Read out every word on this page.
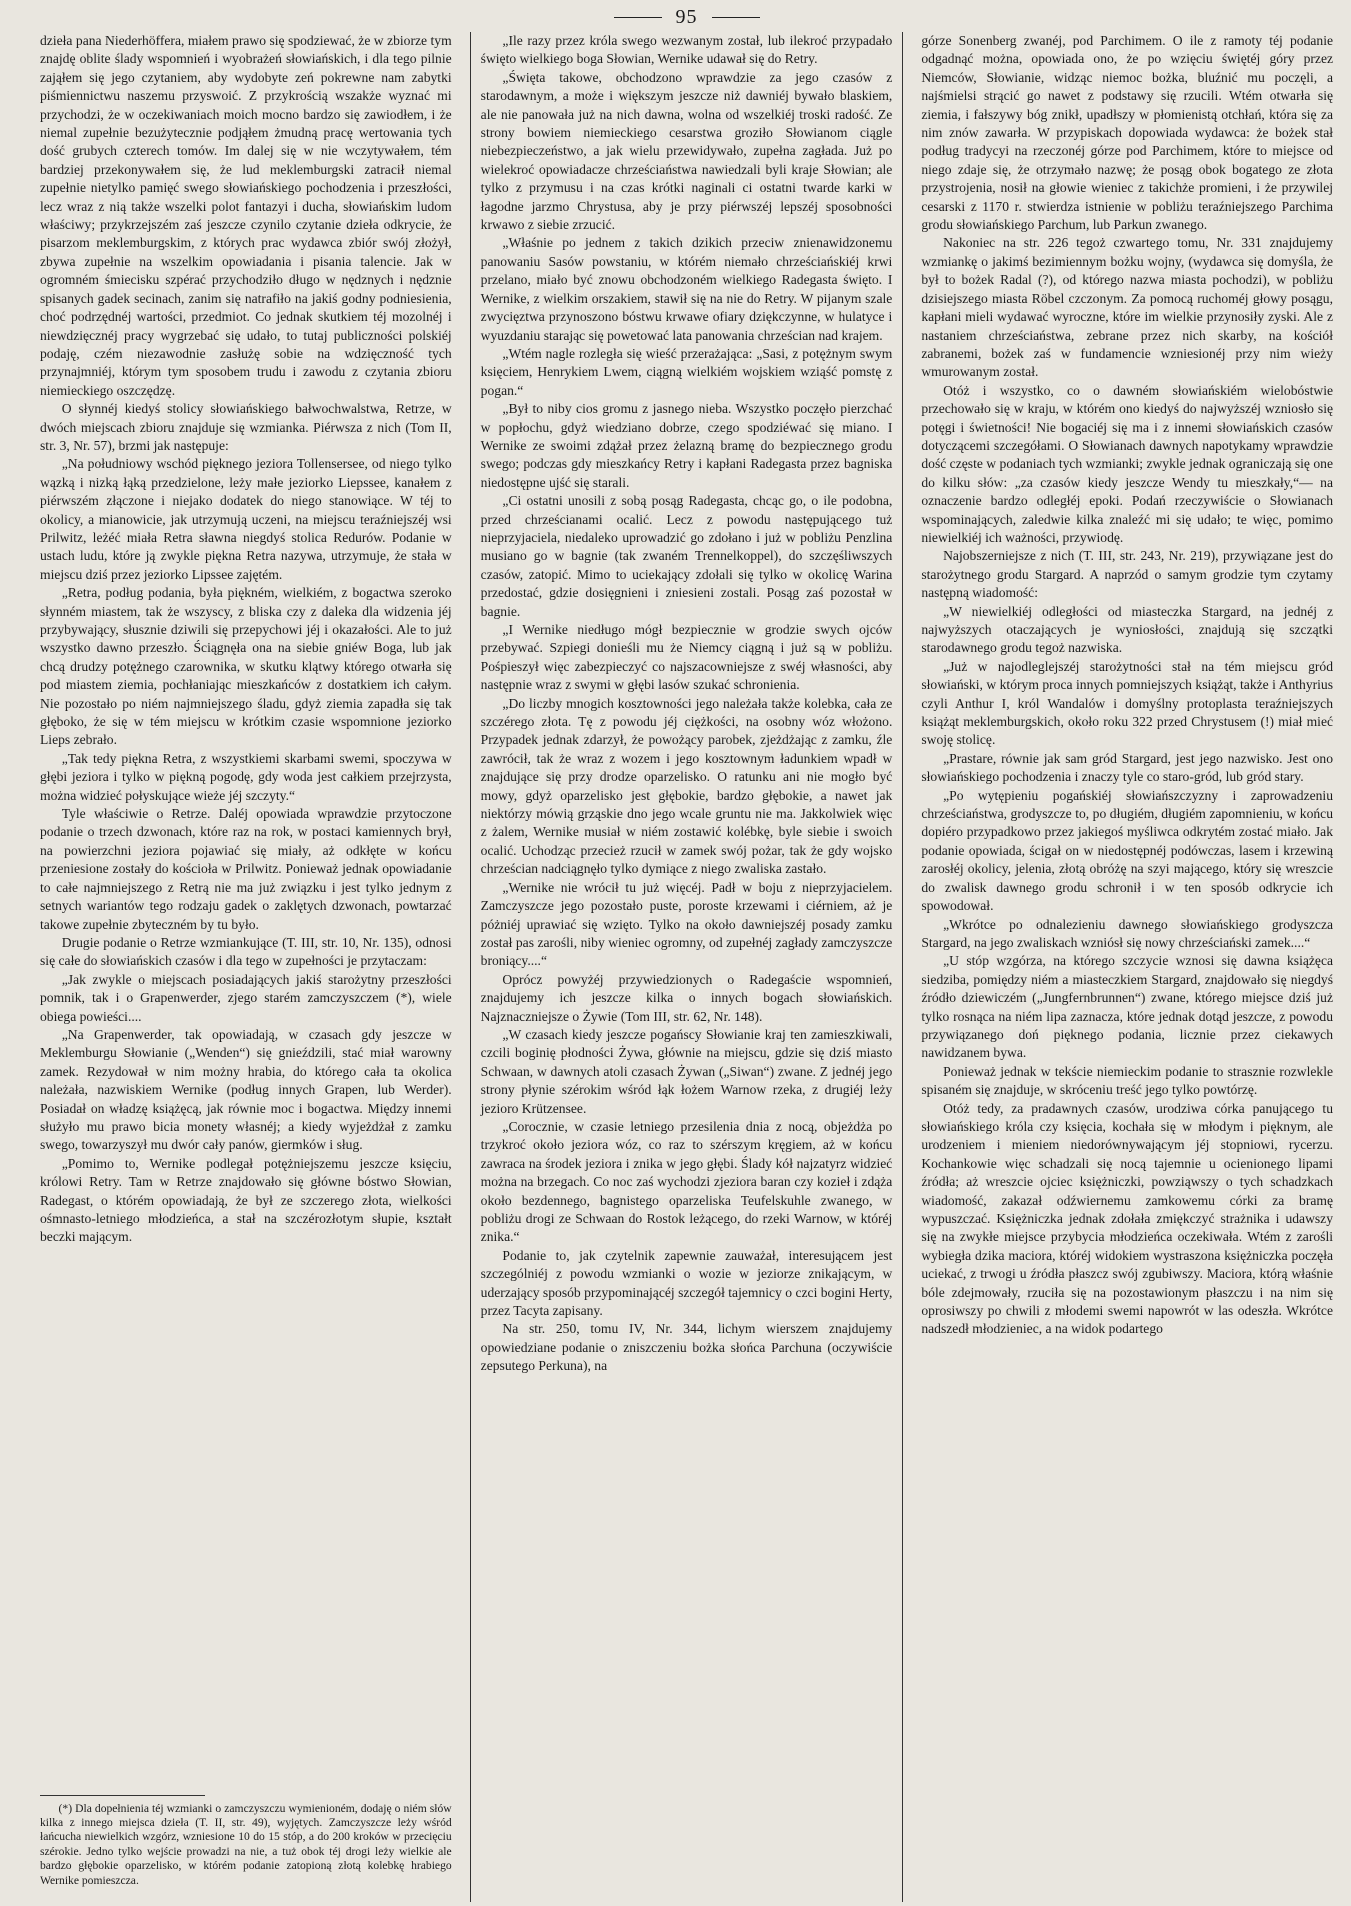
95

dzieła pana Niederhöffera, miałem prawo się spodziewać, że w zbiorze tym znajdę oblite ślady wspomnień i wyobrażeń słowiańskich, i dla tego pilnie zająłem się jego czytaniem, aby wydobyte zeń pokrewne nam zabytki piśmiennictwu naszemu przyswoić. Z przykrością wszakże wyznać mi przychodzi, że w oczekiwaniach moich mocno bardzo się zawiodłem, i że niemal zupełnie bezużytecznie podjąłem żmudną pracę wertowania tych dość grubych czterech tomów. Im dalej się w nie wczytywałem, tém bardziej przekonywałem się, że lud meklemburgski zatracił niemal zupełnie nietylko pamięć swego słowiańskiego pochodzenia i przeszłości, lecz wraz z nią także wszelki polot fantazyi i ducha, słowiańskim ludom właściwy; przykrzejszém zaś jeszcze czynilo czytanie dzieła odkrycie, że pisarzom meklemburgskim, z których prac wydawca zbiór swój złożył, zbywa zupełnie na wszelkim opowiadania i pisania talencie. Jak w ogromném śmiecisku szpérać przychodziło długo w nędznych i nędznie spisanych gadek secinach, zanim się natrafiło na jakiś godny podniesienia, choć podrzędnéj wartości, przedmiot. Co jednak skutkiem téj mozolnéj i niewdzięcznéj pracy wygrzebać się udało, to tutaj publiczności polskiéj podaję, czém niezawodnie zasłużę sobie na wdzięczność tych przynajmniéj, którym tym sposobem trudu i zawodu z czytania zbioru niemieckiego oszczędzę.

O słynnéj kiedyś stolicy słowiańskiego bałwochwalstwa, Retrze, w dwóch miejscach zbioru znajduje się wzmianka. Piérwsza z nich (Tom II, str. 3, Nr. 57), brzmi jak następuje:

„Na południowy wschód pięknego jeziora Tollensersee, od niego tylko wązką i nizką łąką przedzielone, leży małe jeziorko Liepssee, kanałem z piérwszém złączone i niejako dodatek do niego stanowiące. W téj to okolicy, a mianowicie, jak utrzymują uczeni, na miejscu teraźniejszéj wsi Prilwitz, leżéć miała Retra sławna niegdyś stolica Redurów. Podanie w ustach ludu, które ją zwykle piękna Retra nazywa, utrzymuje, że stała w miejscu dziś przez jeziorko Lipssee zajętém.

„Retra, podług podania, była piękném, wielkiém, z bogactwa szeroko słynném miastem, tak że wszyscy, z bliska czy z daleka dla widzenia jéj przybywający, słusznie dziwili się przepychowi jéj i okazałości. Ale to już wszystko dawno przeszło. Ściągnęła ona na siebie gniéw Boga, lub jak chcą drudzy potężnego czarownika, w skutku klątwy którego otwarła się pod miastem ziemia, pochłaniając mieszkańców z dostatkiem ich całym. Nie pozostało po niém najmniejszego śladu, gdyż ziemia zapadła się tak głęboko, że się w tém miejscu w krótkim czasie wspomnione jeziorko Lieps zebrało.

„Tak tedy piękna Retra, z wszystkiemi skarbami swemi, spoczywa w głębi jeziora i tylko w piękną pogodę, gdy woda jest całkiem przejrzysta, można widzieć połyskujące wieże jéj szczyty.“

Tyle właściwie o Retrze. Daléj opowiada wprawdzie przytoczone podanie o trzech dzwonach, które raz na rok, w postaci kamiennych brył, na powierzchni jeziora pojawiać się miały, aż odkłęte w końcu przeniesione zostały do kościoła w Prilwitz. Ponieważ jednak opowiadanie to całe najmniejszego z Retrą nie ma już związku i jest tylko jednym z setnych wariantów tego rodzaju gadek o zaklętych dzwonach, powtarzać takowe zupełnie zbyteczném by tu było.

Drugie podanie o Retrze wzmiankujące (T. III, str. 10, Nr. 135), odnosi się całe do słowiańskich czasów i dla tego w zupełności je przytaczam:

„Jak zwykle o miejscach posiadających jakiś starożytny przeszłości pomnik, tak i o Grapenwerder, zjego starém zamczyszczem (*), wiele obiega powieści....

„Na Grapenwerder, tak opowiadają, w czasach gdy jeszcze w Meklemburgu Słowianie („Wenden“) się gnieździli, stać miał warowny zamek. Rezydował w nim możny hrabia, do którego cała ta okolica należała, nazwiskiem Wernike (podług innych Grapen, lub Werder). Posiadał on władzę książęcą, jak równie moc i bogactwa. Między innemi służyło mu prawo bicia monety własnéj; a kiedy wyjeżdżał z zamku swego, towarzyszył mu dwór cały panów, giermków i sług.

„Pomimo to, Wernike podlegał potężniejszemu jeszcze księciu, królowi Retry. Tam w Retrze znajdowało się główne bóstwo Słowian, Radegast, o którém opowiadają, że był ze szczerego złota, wielkości ośmnasto-letniego młodzieńca, a stał na szczérozłotym słupie, kształt beczki mającym.

(*) Dla dopełnienia téj wzmianki o zamczyszczu wymienioném, dodaję o niém słów kilka z innego miejsca dzieła (T. II, str. 49), wyjętych. Zamczyszcze leży wśród łańcucha niewielkich wzgórz, wzniesione 10 do 15 stóp, a do 200 kroków w przecięciu szérokie. Jedno tylko wejście prowadzi na nie, a tuż obok téj drogi leży wielkie ale bardzo głębokie oparzelisko, w którém podanie zatopioną złotą kolebkę hrabiego Wernike pomieszcza.

„Ile razy przez króla swego wezwanym został, lub ilekroć przypadało święto wielkiego boga Słowian, Wernike udawał się do Retry.

„Święta takowe, obchodzono wprawdzie za jego czasów z starodawnym, a może i większym jeszcze niż dawniéj bywało blaskiem, ale nie panowała już na nich dawna, wolna od wszelkiéj troski radość. Ze strony bowiem niemieckiego cesarstwa groziło Słowianom ciągle niebezpieczeństwo, a jak wielu przewidywało, zupełna zagłada. Już po wielekroć opowiadacze chrześciaństwa nawiedzali byli kraje Słowian; ale tylko z przymusu i na czas krótki naginali ci ostatni twarde karki w łagodne jarzmo Chrystusa, aby je przy piérwszéj lepszéj sposobności krwawo z siebie zrzucić.

„Właśnie po jednem z takich dzikich przeciw znienawidzonemu panowaniu Sasów powstaniu, w którém niemało chrześciańskiéj krwi przelano, miało być znowu obchodzoném wielkiego Radegasta święto. I Wernike, z wielkim orszakiem, stawił się na nie do Retry. W pijanym szale zwycięztwa przynoszono bóstwu krwawe ofiary dziękczynne, w hulatyce i wyuzdaniu starając się powetować lata panowania chrześcian nad krajem.

„Wtém nagle rozległa się wieść przerażająca: „Sasi, z potężnym swym księciem, Henrykiem Lwem, ciągną wielkiém wojskiem wziąść pomstę z pogan.“

„Był to niby cios gromu z jasnego nieba. Wszystko poczęło pierzchać w popłochu, gdyż wiedziano dobrze, czego spodziéwać się miano. I Wernike ze swoimi zdążał przez żelazną bramę do bezpiecznego grodu swego; podczas gdy mieszkańcy Retry i kapłani Radegasta przez bagniska niedostępne ujść się starali.

„Ci ostatni unosili z sobą posąg Radegasta, chcąc go, o ile podobna, przed chrześcianami ocalić. Lecz z powodu następującego tuż nieprzyjaciela, niedaleko uprowadzić go zdołano i już w pobliżu Penzlina musiano go w bagnie (tak zwaném Trennelkoppel), do szczęśliwszych czasów, zatopić. Mimo to uciekający zdołali się tylko w okolicę Warina przedostać, gdzie dosięgnieni i zniesieni zostali. Posąg zaś pozostał w bagnie.

„I Wernike niedługo mógł bezpiecznie w grodzie swych ojców przebywać. Szpiegi donieśli mu że Niemcy ciągną i już są w pobliżu. Pośpieszył więc zabezpieczyć co najszacowniejsze z swéj własności, aby następnie wraz z swymi w głębi lasów szukać schronienia.

„Do liczby mnogich kosztowności jego należała także kolebka, cała ze szczérego złota. Tę z powodu jéj ciężkości, na osobny wóz włożono. Przypadek jednak zdarzył, że powożący parobek, zjeżdżając z zamku, źle zawrócił, tak że wraz z wozem i jego kosztownym ładunkiem wpadł w znajdujące się przy drodze oparzelisko. O ratunku ani nie mogło być mowy, gdyż oparzelisko jest głębokie, bardzo głębokie, a nawet jak niektórzy mówią grząskie dno jego wcale gruntu nie ma. Jakkolwiek więc z żalem, Wernike musiał w niém zostawić kolébkę, byle siebie i swoich ocalić. Uchodząc przecież rzucił w zamek swój pożar, tak że gdy wojsko chrześcian nadciągnęło tylko dymiące z niego zwaliska zastało.

„Wernike nie wrócił tu już więcéj. Padł w boju z nieprzyjacielem. Zamczyszcze jego pozostało puste, poroste krzewami i ciérniem, aż je póżniéj uprawiać się wzięto. Tylko na około dawniejszéj posady zamku został pas zarośli, niby wieniec ogromny, od zupełnéj zagłady zamczyszcze broniący....“

Oprócz powyżéj przywiedzionych o Radegaście wspomnień, znajdujemy ich jeszcze kilka o innych bogach słowiańskich. Najznaczniejsze o Żywie (Tom III, str. 62, Nr. 148).

„W czasach kiedy jeszcze pogańscy Słowianie kraj ten zamieszkiwali, czcili boginię płodności Żywa, głównie na miejscu, gdzie się dziś miasto Schwaan, w dawnych atoli czasach Żywan („Siwan“) zwane. Z jednéj jego strony płynie szérokim wśród łąk łożem Warnow rzeka, z drugiéj leży jezioro Krützensee.

„Corocznie, w czasie letniego przesilenia dnia z nocą, objeżdża po trzykroć około jeziora wóz, co raz to szérszym kręgiem, aż w końcu zawraca na środek jeziora i znika w jego głębi. Ślady kół najzatyrz widzieć można na brzegach. Co noc zaś wychodzi zjeziora baran czy kozieł i zdąża około bezdennego, bagnistego oparzeliska Teufelskuhle zwanego, w pobliżu drogi ze Schwaan do Rostok leżącego, do rzeki Warnow, w któréj znika.“

Podanie to, jak czytelnik zapewnie zauważał, interesującem jest szczególniéj z powodu wzmianki o wozie w jeziorze znikającym, w uderzający sposób przypominającéj szczegół tajemnicy o czci bogini Herty, przez Tacyta zapisany.

Na str. 250, tomu IV, Nr. 344, lichym wierszem znajdujemy opowiedziane podanie o zniszczeniu bożka słońca Parchuna (oczywiście zepsutego Perkuna), na

górze Sonenberg zwanéj, pod Parchimem. O ile z ramoty téj podanie odgadnąć można, opowiada ono, że po wzięciu świętéj góry przez Niemców, Słowianie, widząc niemoc bożka, bluźnić mu poczęli, a najśmielsi strącić go nawet z podstawy się rzucili. Wtém otwarła się ziemia, i fałszywy bóg znikł, upadłszy w płomienistą otchłań, która się za nim znów zawarła. W przypiskach dopowiada wydawca: że bożek stał podług tradycyi na rzeczonéj górze pod Parchimem, które to miejsce od niego zdaje się, że otrzymało nazwę; że posąg obok bogatego ze złota przystrojenia, nosił na głowie wieniec z takichże promieni, i że przywilej cesarski z 1170 r. stwierdza istnienie w pobliżu teraźniejszego Parchima grodu słowiańskiego Parchum, lub Parkun zwanego.

Nakoniec na str. 226 tegoż czwartego tomu, Nr. 331 znajdujemy wzmiankę o jakimś bezimiennym bożku wojny, (wydawca się domyśla, że był to bożek Radal (?), od którego nazwa miasta pochodzi), w pobliżu dzisiejszego miasta Röbel czczonym. Za pomocą ruchoméj głowy posągu, kapłani mieli wydawać wyroczne, które im wielkie przynosiły zyski. Ale z nastaniem chrześciaństwa, zebrane przez nich skarby, na kościół zabranemi, bożek zaś w fundamencie wzniesionéj przy nim wieży wmurowanym został.

Otóż i wszystko, co o dawném słowiańskiém wielobóstwie przechowało się w kraju, w którém ono kiedyś do najwyższéj wzniosło się potęgi i świetności! Nie bogaciéj się ma i z innemi słowiańskich czasów dotyczącemi szczegółami. O Słowianach dawnych napotykamy wprawdzie dość częste w podaniach tych wzmianki; zwykle jednak ograniczają się one do kilku słów: „za czasów kiedy jeszcze Wendy tu mieszkały,“— na oznaczenie bardzo odległéj epoki. Podań rzeczywiście o Słowianach wspominających, zaledwie kilka znaleźć mi się udało; te więc, pomimo niewielkiéj ich ważności, przywiodę.

Najobszerniejsze z nich (T. III, str. 243, Nr. 219), przywiązane jest do starożytnego grodu Stargard. A naprzód o samym grodzie tym czytamy następną wiadomość:

„W niewielkiéj odległości od miasteczka Stargard, na jednéj z najwyższych otaczających je wyniosłości, znajdują się szczątki starodawnego grodu tegoż nazwiska.

„Już w najodleglejszéj starożytności stał na tém miejscu gród słowiański, w którym proca innych pomniejszych książąt, także i Anthyrius czyli Anthur I, król Wandalów i domyślny protoplasta teraźniejszych książąt meklemburgskich, około roku 322 przed Chrystusem (!) miał mieć swoję stolicę.

„Prastare, równie jak sam gród Stargard, jest jego nazwisko. Jest ono słowiańskiego pochodzenia i znaczy tyle co staro-gród, lub gród stary.

„Po wytępieniu pogańskiéj słowiańszczyzny i zaprowadzeniu chrześciaństwa, grodyszcze to, po długiém, długiém zapomnieniu, w końcu dopiéro przypadkowo przez jakiegoś myśliwca odkrytém zostać miało. Jak podanie opowiada, ścigał on w niedostępnéj podówczas, lasem i krzewiną zarosłéj okolicy, jelenia, złotą obróżę na szyi mającego, który się wreszcie do zwalisk dawnego grodu schronił i w ten sposób odkrycie ich spowodował.

„Wkrótce po odnalezieniu dawnego słowiańskiego grodyszcza Stargard, na jego zwaliskach wzniósł się nowy chrześciański zamek....“

„U stóp wzgórza, na którego szczycie wznosi się dawna książęca siedziba, pomiędzy niém a miasteczkiem Stargard, znajdowało się niegdyś źródło dziewiczém („Jungfernbrunnen“) zwane, którego miejsce dziś już tylko rosnąca na niém lipa zaznacza, które jednak dotąd jeszcze, z powodu przywiązanego doń pięknego podania, licznie przez ciekawych nawidzanem bywa.

Ponieważ jednak w tekście niemieckim podanie to strasznie rozwlekle spisaném się znajduje, w skróceniu treść jego tylko powtórzę.

Otóż tedy, za pradawnych czasów, urodziwa córka panującego tu słowiańskiego króla czy księcia, kochała się w młodym i pięknym, ale urodzeniem i mieniem niedorównywającym jéj stopniowi, rycerzu. Kochankowie więc schadzali się nocą tajemnie u ocienionego lipami źródła; aż wreszcie ojciec księżniczki, powziąwszy o tych schadzkach wiadomość, zakazał odźwiernemu zamkowemu córki za bramę wypuszczać. Księżniczka jednak zdołała zmiękczyć strażnika i udawszy się na zwykłe miejsce przybycia młodzieńca oczekiwała. Wtém z zarośli wybiegła dzika maciora, któréj widokiem wystraszona księżniczka poczęła uciekać, z trwogi u źródła płaszcz swój zgubiwszy. Maciora, którą właśnie bóle zdejmowały, rzuciła się na pozostawionym płaszczu i na nim się oprosiwszy po chwili z młodemi swemi napowrót w las odeszła. Wkrótce nadszedł młodzieniec, a na widok podartego
